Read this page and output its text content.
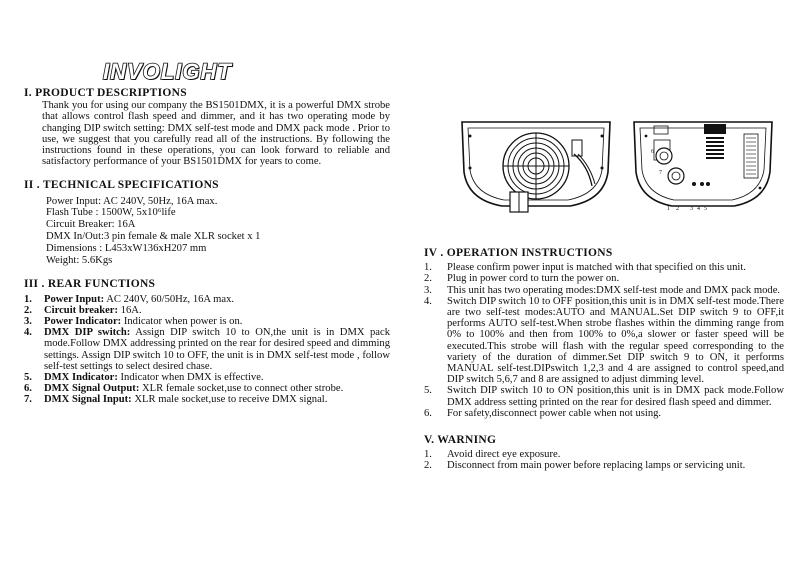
INVOLIGHT
I. PRODUCT DESCRIPTIONS

Thank you for using our company the BS1501DMX, it is a powerful DMX strobe that allows control flash speed and dimmer, and it has two operating mode by changing DIP switch setting: DMX self-test mode and DMX pack mode . Prior to use, we suggest that you carefully read all of the instructions. By following the instructions found in these operations, you can look forward to reliable and satisfactory performance of your BS1501DMX for years to come.

II . TECHNICAL SPECIFICATIONS
Power Input: AC 240V, 50Hz, 16A max.
Flash Tube : 1500W, 5x10⁶life
Circuit Breaker: 16A
DMX In/Out:3 pin female & male XLR socket x 1
Dimensions : L453xW136xH207 mm
Weight: 5.6Kgs
III . REAR FUNCTIONS
1. Power Input: AC 240V, 60/50Hz, 16A max.
2. Circuit breaker: 16A.
3. Power Indicator: Indicator when power is on.
4. DMX DIP switch: Assign DIP switch 10 to ON,the unit is in DMX pack mode.Follow DMX addressing printed on the rear for desired speed and dimming settings. Assign DIP switch 10 to OFF, the unit is in DMX self-test mode , follow self-test settings to select desired chase.
5. DMX Indicator: Indicator when DMX is effective.
6. DMX Signal Output: XLR female socket,use to connect other strobe.
7. DMX Signal Input: XLR male socket,use to receive DMX signal.
6
7
3 4 5
1 2
IV . OPERATION INSTRUCTIONS
1. Please confirm power input is matched with that specified on this unit.
2. Plug in power cord to turn the power on.
3. This unit has two operating modes:DMX self-test mode and DMX pack mode.
4. Switch DIP switch 10 to OFF position,this unit is in DMX self-test mode.There are two self-test modes:AUTO and MANUAL.Set DIP switch 9 to OFF,it performs AUTO self-test.When strobe flashes within the dimming range from 0% to 100% and then from 100% to 0%,a slower or faster speed will be executed.This strobe will flash with the regular speed corresponding to the variety of the duration of dimmer.Set DIP switch 9 to ON, it performs MANUAL self-test.DIPswitch 1,2,3 and 4 are assigned to control speed,and DIP switch 5,6,7 and 8 are assigned to adjust dimming level.
5. Switch DIP switch 10 to ON position,this unit is in DMX pack mode.Follow DMX address setting printed on the rear for desired flash speed and dimmer.
6. For safety,disconnect power cable when not using.
V. WARNING
1. Avoid direct eye exposure.
2. Disconnect from main power before replacing lamps or servicing unit.
